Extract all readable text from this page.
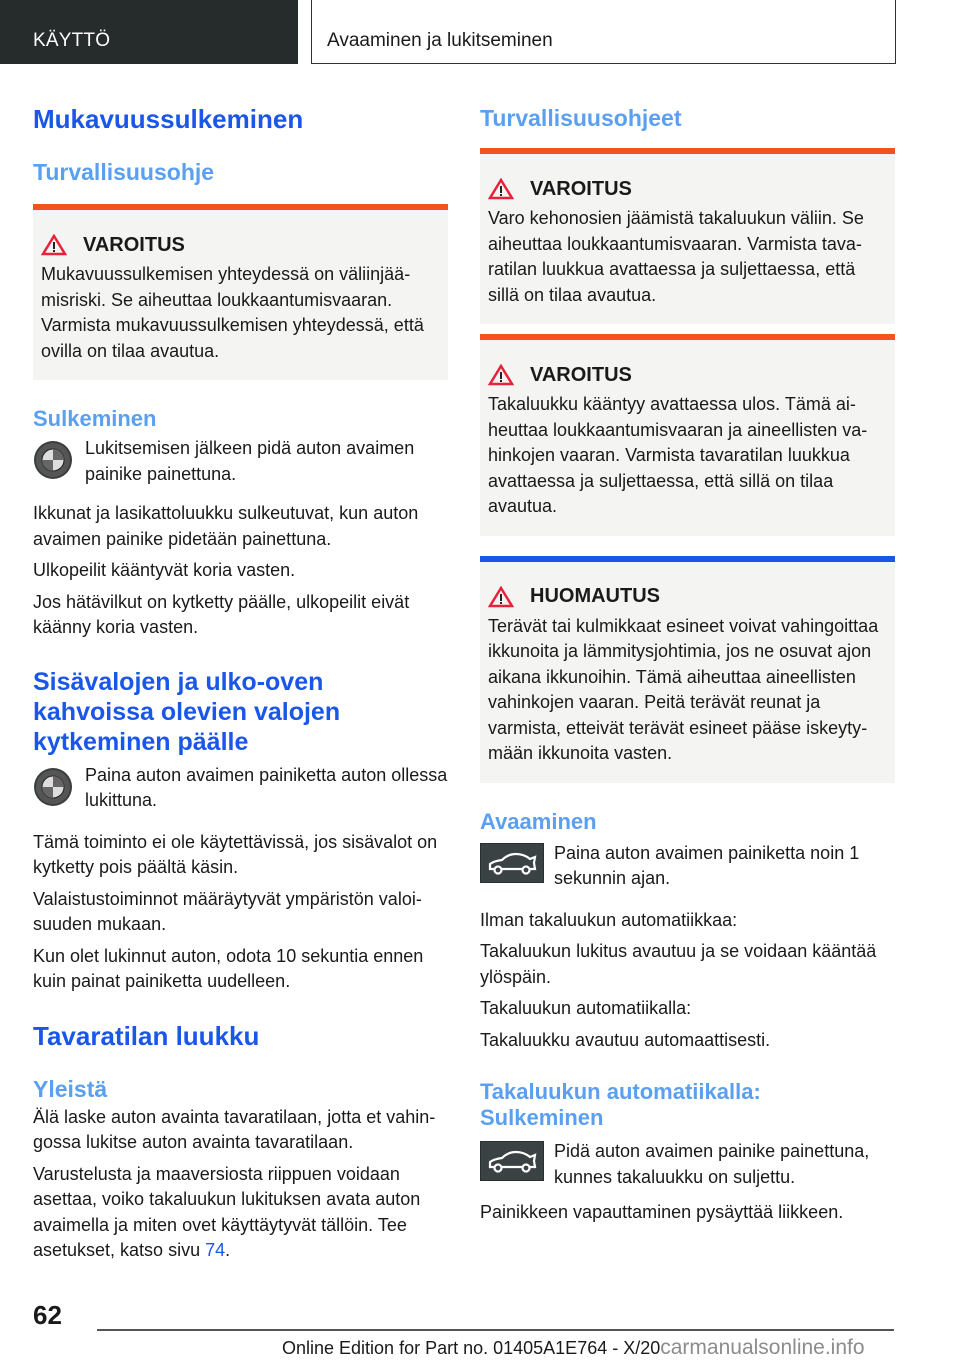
KÄYTTÖ	Avaaminen ja lukitseminen
Mukavuussulkeminen
Turvallisuusohje
VAROITUS
Mukavuussulkemisen yhteydessä on väliinjäämisriski. Se aiheuttaa loukkaantumisvaaran. Varmista mukavuussulkemisen yhteydessä, että ovilla on tilaa avautua.
Sulkeminen
Lukitsemisen jälkeen pidä auton avaimen painike painettuna.
Ikkunat ja lasikattoluukku sulkeutuvat, kun auton avaimen painike pidetään painettuna.
Ulkopeilit kääntyvät koria vasten.
Jos hätävilkut on kytketty päälle, ulkopeilit eivät käänny koria vasten.
Sisävalojen ja ulko‑oven kahvoissa olevien valojen kytkeminen päälle
Paina auton avaimen painiketta auton ollessa lukittuna.
Tämä toiminto ei ole käytettävissä, jos sisävalot on kytketty pois päältä käsin.
Valaistustoiminnot määräytyvät ympäristön valoisuuden mukaan.
Kun olet lukinnut auton, odota 10 sekuntia ennen kuin painat painiketta uudelleen.
Tavaratilan luukku
Yleistä
Älä laske auton avainta tavaratilaan, jotta et vahingossa lukitse auton avainta tavaratilaan.
Varustelusta ja maaversiosta riippuen voidaan asettaa, voiko takaluukun lukituksen avata auton avaimella ja miten ovet käyttäytyvät tällöin. Tee asetukset, katso sivu 74.
Turvallisuusohjeet
VAROITUS
Varo kehonosien jäämistä takaluukun väliin. Se aiheuttaa loukkaantumisvaaran. Varmista tavaratilan luukkua avattaessa ja suljettaessa, että sillä on tilaa avautua.
VAROITUS
Takaluukku kääntyy avattaessa ulos. Tämä aiheuttaa loukkaantumisvaaran ja aineellisten vahinkojen vaaran. Varmista tavaratilan luukkua avattaessa ja suljettaessa, että sillä on tilaa avautua.
HUOMAUTUS
Terävät tai kulmikkaat esineet voivat vahingoittaa ikkunoita ja lämmitysjohtimia, jos ne osuvat ajon aikana ikkunoihin. Tämä aiheuttaa aineellisten vahinkojen vaaran. Peitä terävät reunat ja varmista, etteivät terävät esineet pääse iskeytymään ikkunoita vasten.
Avaaminen
Paina auton avaimen painiketta noin 1 sekunnin ajan.
Ilman takaluukun automatiikkaa:
Takaluukun lukitus avautuu ja se voidaan kääntää ylöspäin.
Takaluukun automatiikalla:
Takaluukku avautuu automaattisesti.
Takaluukun automatiikalla: Sulkeminen
Pidä auton avaimen painike painettuna, kunnes takaluukku on suljettu.
Painikkeen vapauttaminen pysäyttää liikkeen.
62
Online Edition for Part no. 01405A1E764 - X/20carmanualsonline.info
